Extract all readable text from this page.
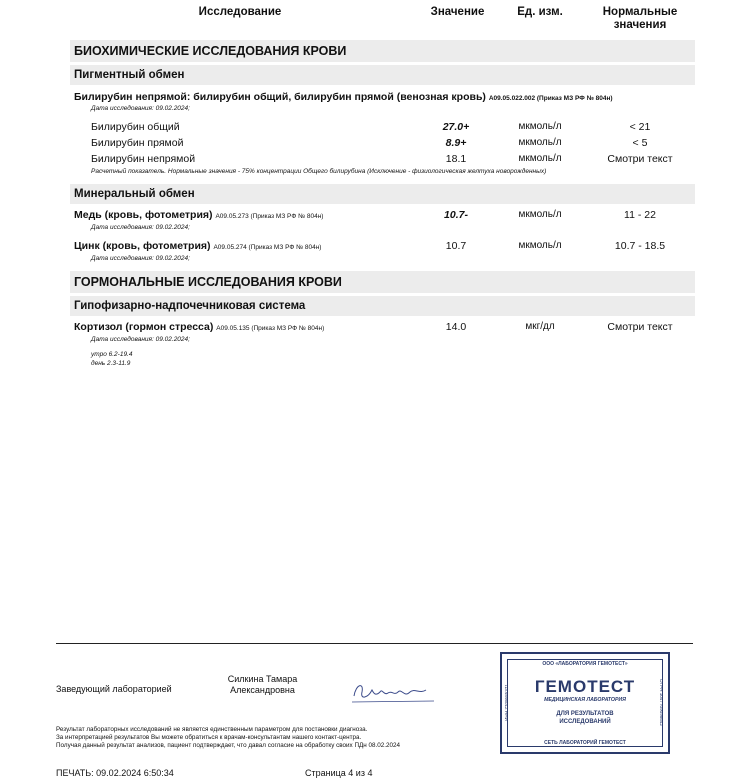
Исследование	Значение	Ед. изм.	Нормальные
значения
БИОХИМИЧЕСКИЕ ИССЛЕДОВАНИЯ КРОВИ
Пигментный обмен
Билирубин непрямой: билирубин общий, билирубин прямой (венозная кровь) A09.05.022.002 (Приказ МЗ РФ № 804н)
Дата исследования: 09.02.2024;
Билирубин общий	27.0+	мкмоль/л	< 21
Билирубин прямой	8.9+	мкмоль/л	< 5
Билирубин непрямой	18.1	мкмоль/л	Смотри текст
Расчетный показатель. Нормальные значения - 75% концентрации Общего билирубина (Исключение - физиологическая желтуха новорожденных)
Минеральный обмен
Медь (кровь, фотометрия) A09.05.273 (Приказ МЗ РФ № 804н)	10.7-	мкмоль/л	11 - 22
Дата исследования: 09.02.2024;
Цинк (кровь, фотометрия) A09.05.274 (Приказ МЗ РФ № 804н)	10.7	мкмоль/л	10.7 - 18.5
Дата исследования: 09.02.2024;
ГОРМОНАЛЬНЫЕ ИССЛЕДОВАНИЯ КРОВИ
Гипофизарно-надпочечниковая система
Кортизол (гормон стресса) A09.05.135 (Приказ МЗ РФ № 804н)	14.0	мкг/дл	Смотри текст
Дата исследования: 09.02.2024;
утро 6.2-19.4
день 2.3-11.9
Заведующий лабораторией
Силкина Тамара
Александровна
Результат лабораторных исследований не является единственным параметром для постановки диагноза.
За интерпретацией результатов Вы можете обратиться к врачам-консультантам нашего контакт-центра.
Получая данный результат анализов, пациент подтверждает, что давал согласие на обработку своих ПДн 08.02.2024
ПЕЧАТЬ: 09.02.2024 6:50:34	Страница 4 из 4
ООО «ЛАБОРАТОРИЯ ГЕМОТЕСТ»
ГЕМОТЕСТ
МЕДИЦИНСКАЯ ЛАБОРАТОРИЯ
ДЛЯ РЕЗУЛЬТАТОВ
ИССЛЕДОВАНИЙ
СЕТЬ ЛАБОРАТОРИЙ ГЕМОТЕСТ
ИНН 7709585371	ОГРН 1047709098642
